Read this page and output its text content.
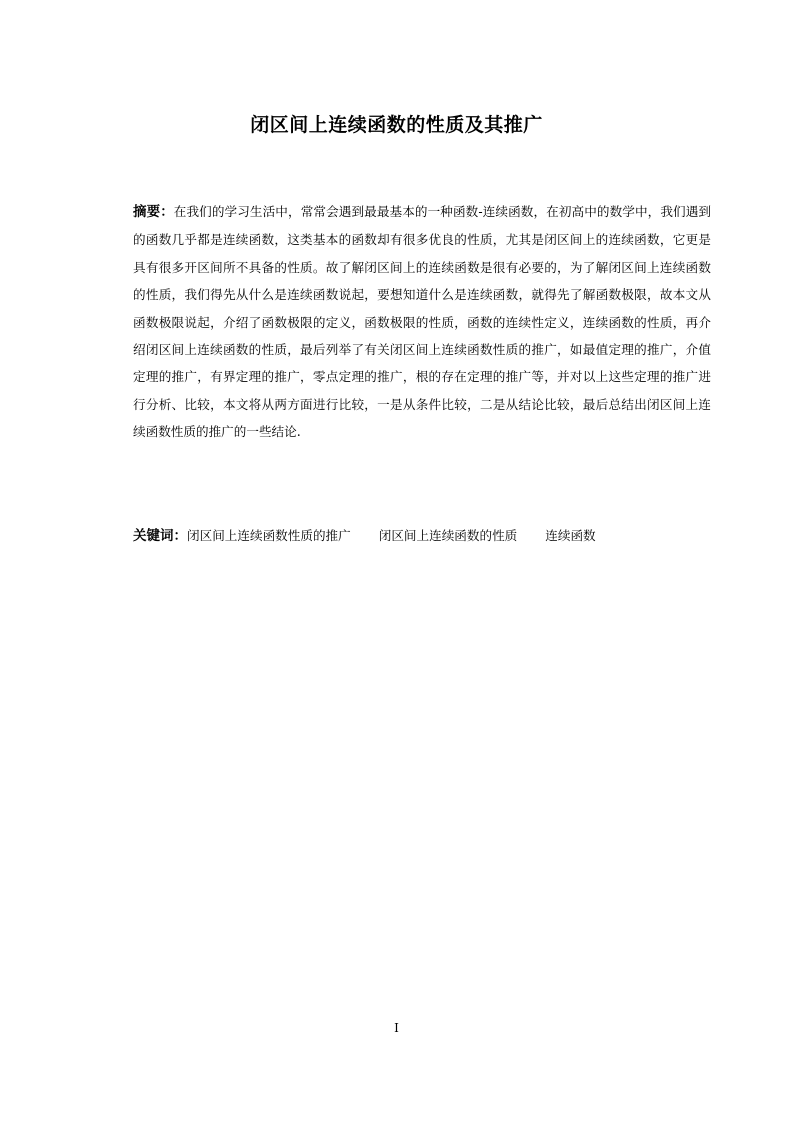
闭区间上连续函数的性质及其推广

摘要：在我们的学习生活中，常常会遇到最最基本的一种函数-连续函数，在初高中的数学中，我们遇到的函数几乎都是连续函数，这类基本的函数却有很多优良的性质，尤其是闭区间上的连续函数，它更是具有很多开区间所不具备的性质。故了解闭区间上的连续函数是很有必要的，为了解闭区间上连续函数的性质，我们得先从什么是连续函数说起，要想知道什么是连续函数，就得先了解函数极限，故本文从函数极限说起，介绍了函数极限的定义，函数极限的性质，函数的连续性定义，连续函数的性质，再介绍闭区间上连续函数的性质，最后列举了有关闭区间上连续函数性质的推广，如最值定理的推广，介值定理的推广，有界定理的推广，零点定理的推广，根的存在定理的推广等，并对以上这些定理的推广进行分析、比较，本文将从两方面进行比较，一是从条件比较，二是从结论比较，最后总结出闭区间上连续函数性质的推广的一些结论.

关键词：闭区间上连续函数性质的推广 闭区间上连续函数的性质 连续函数
I
